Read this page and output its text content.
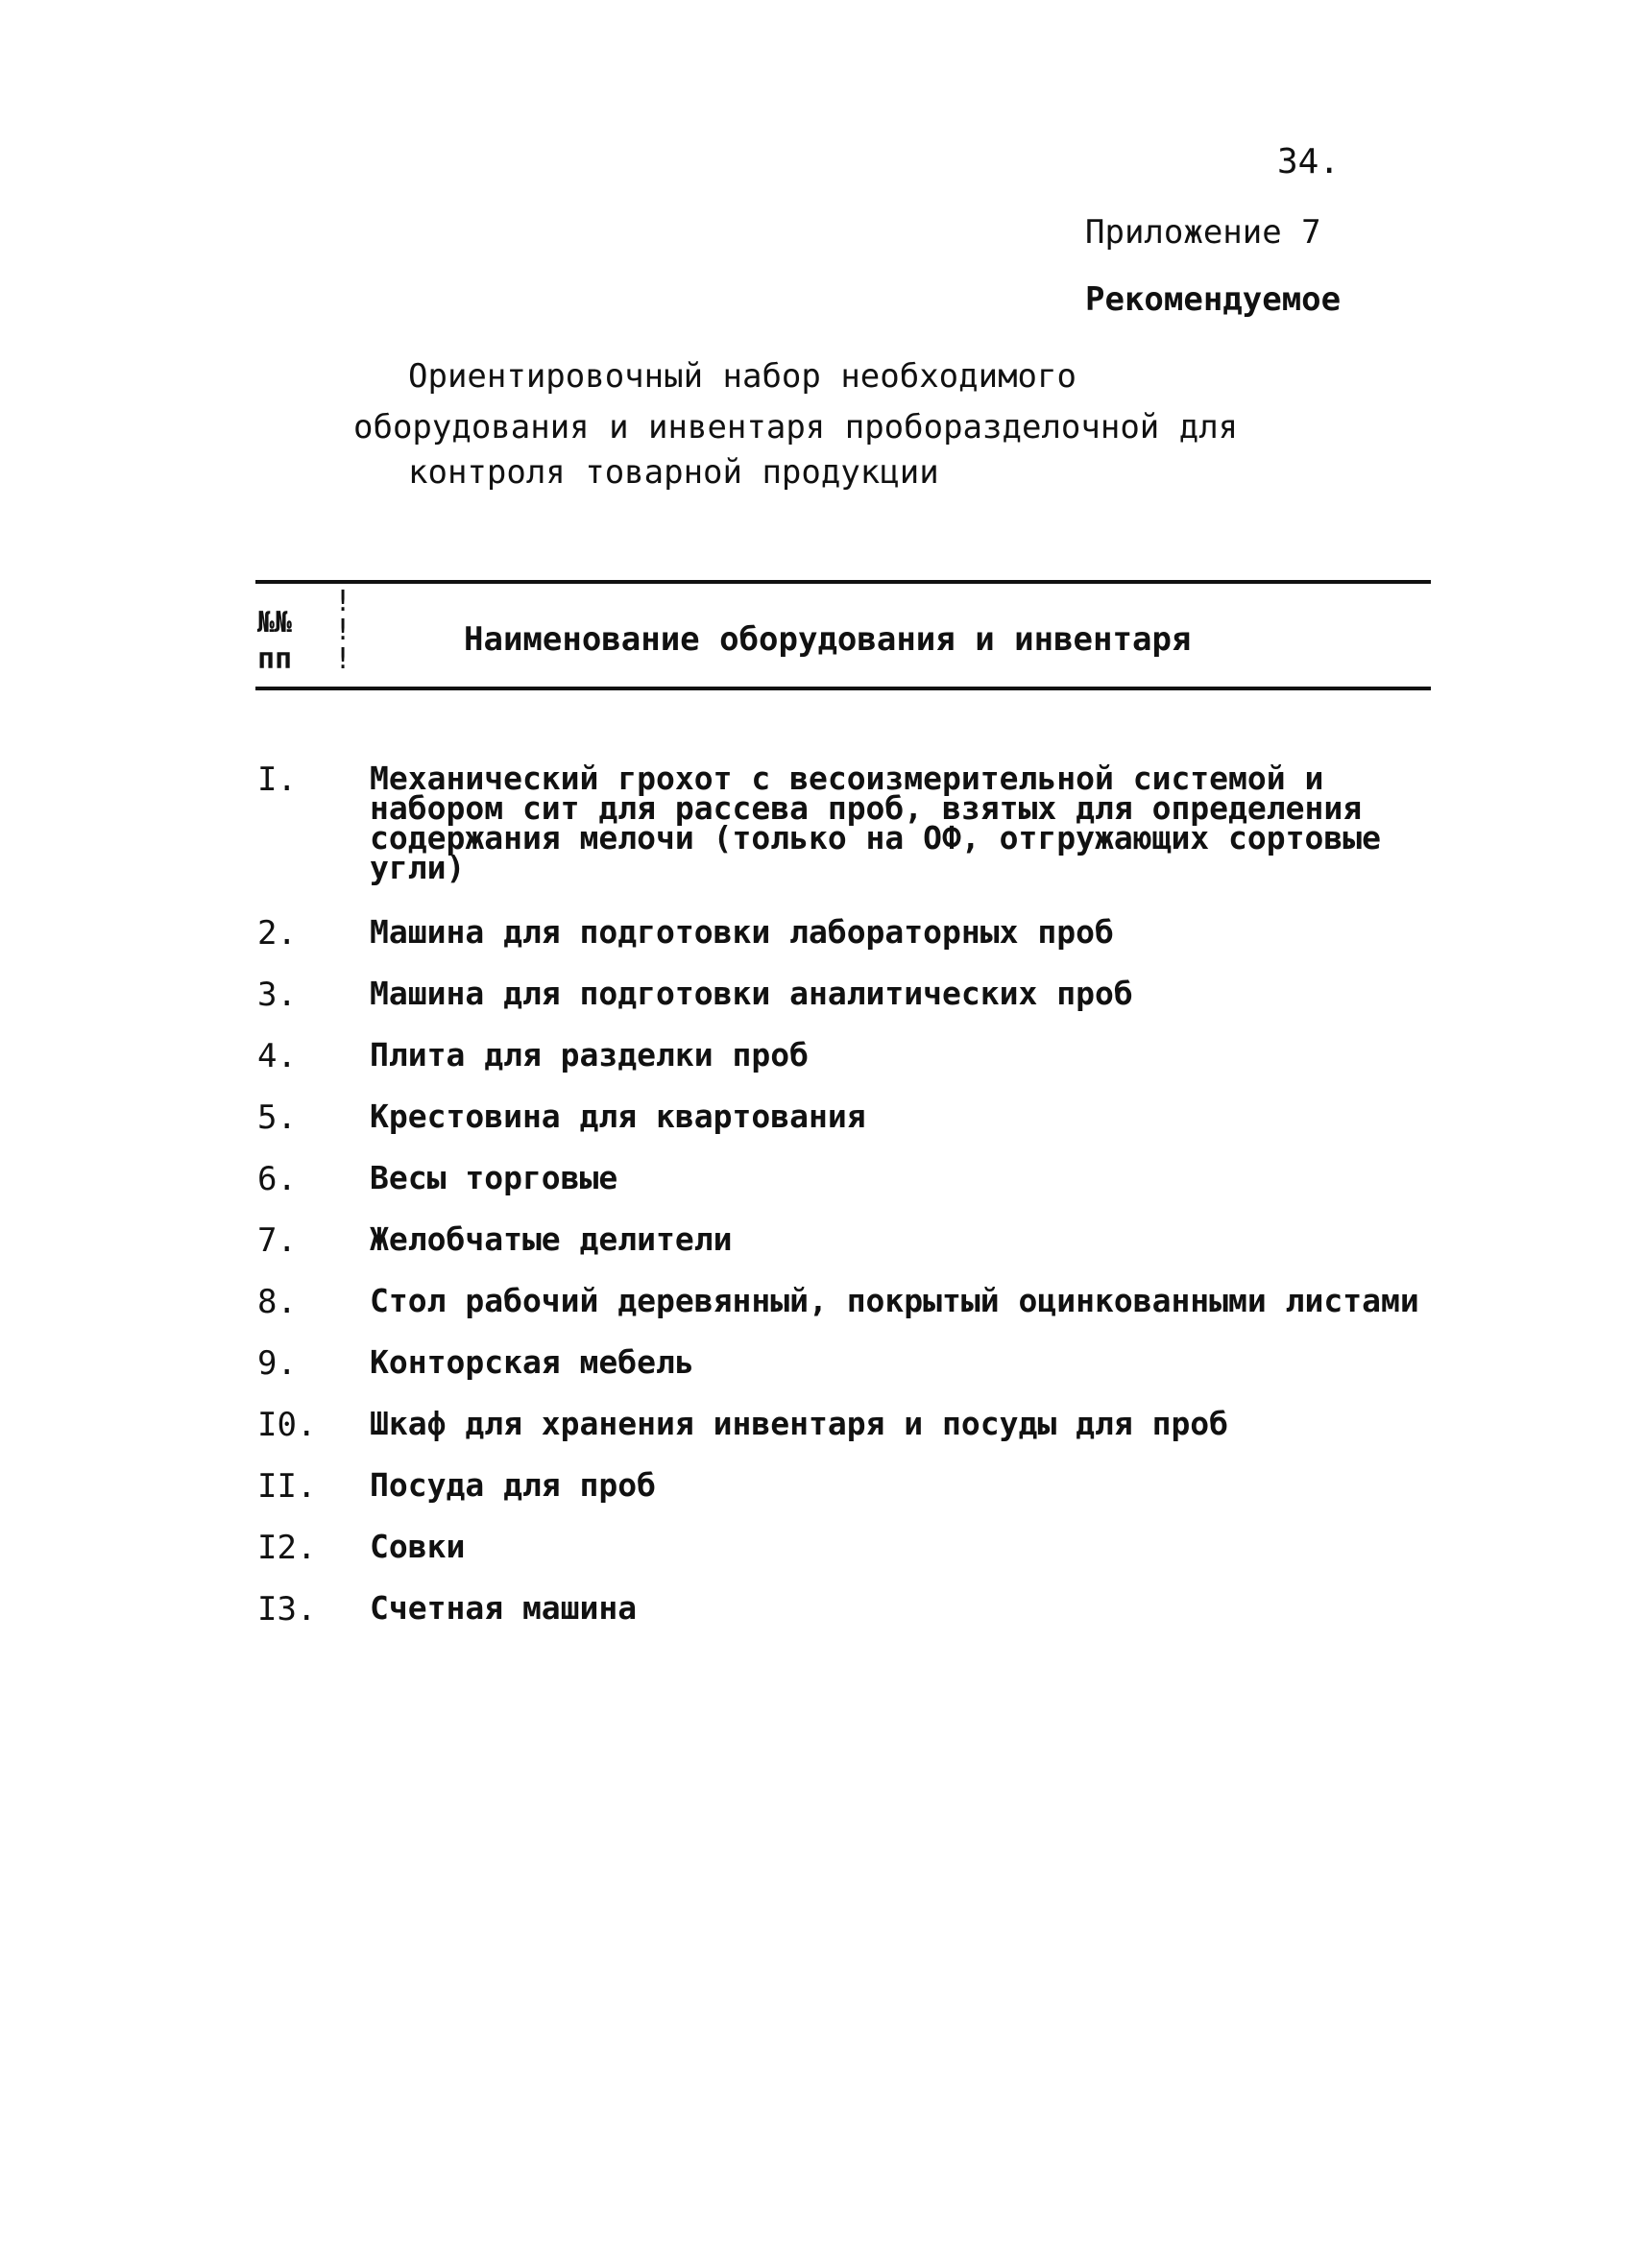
34.
Приложение 7
Рекомендуемое
Ориентировочный набор необходимого
оборудования и инвентаря проборазделочной для
контроля товарной продукции
№№
пп
!
!
!
Наименование оборудования и инвентаря
I. Механический грохот с весоизмерительной системой и набором сит для рассева проб, взятых для определения содержания мелочи (только на ОФ, отгружающих сортовые угли)
2. Машина для подготовки лабораторных проб
3. Машина для подготовки аналитических проб
4. Плита для разделки проб
5. Крестовина для квартования
6. Весы торговые
7. Желобчатые делители
8. Стол рабочий деревянный, покрытый оцинкованными листами
9. Конторская мебель
I0. Шкаф для хранения инвентаря и посуды для проб
II. Посуда для проб
I2. Совки
I3. Счетная машина
